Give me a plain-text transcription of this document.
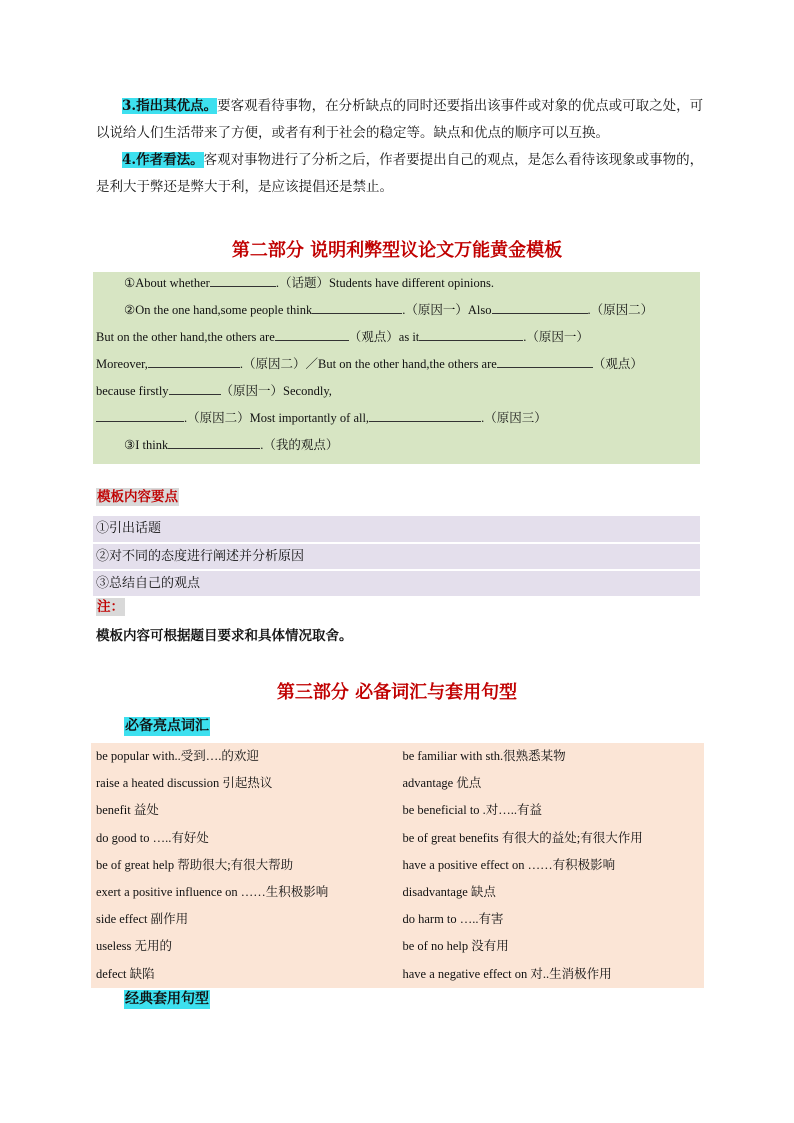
3.指出其优点。要客观看待事物，在分析缺点的同时还要指出该事件或对象的优点或可取之处，可以说给人们生活带来了方便，或者有利于社会的稳定等。缺点和优点的顺序可以互换。

4.作者看法。客观对事物进行了分析之后，作者要提出自己的观点，是怎么看待该现象或事物的，是利大于弊还是弊大于利，是应该提倡还是禁止。

第二部分 说明利弊型议论文万能黄金模板
①About whether	.（话题）Students have different opinions.
②On the one hand,some people think	.（原因一）Also	.（原因二）
But on the other hand,the others are	（观点）as it	.（原因一）
Moreover,	.（原因二）／But on the other hand,the others are	（观点）
because firstly	（原因一）Secondly,
.（原因二）Most importantly of all,	.（原因三）
③I think	.（我的观点）
模板内容要点
①引出话题
②对不同的态度进行阐述并分析原因
③总结自己的观点
注：
模板内容可根据题目要求和具体情况取舍。
第三部分 必备词汇与套用句型
必备亮点词汇
be popular with..受到….的欢迎	be familiar with sth.很熟悉某物
raise a heated discussion 引起热议	advantage 优点
benefit 益处	be beneficial to .对…..有益
do good to …..有好处	be of great benefits 有很大的益处;有很大作用
be of great help 帮助很大;有很大帮助	have a positive effect on ……有积极影响
exert a positive influence on ……生积极影响	disadvantage 缺点
side effect 副作用	do harm to …..有害
useless 无用的	be of no help 没有用
defect 缺陷	have a negative effect on 对..生消极作用
经典套用句型
